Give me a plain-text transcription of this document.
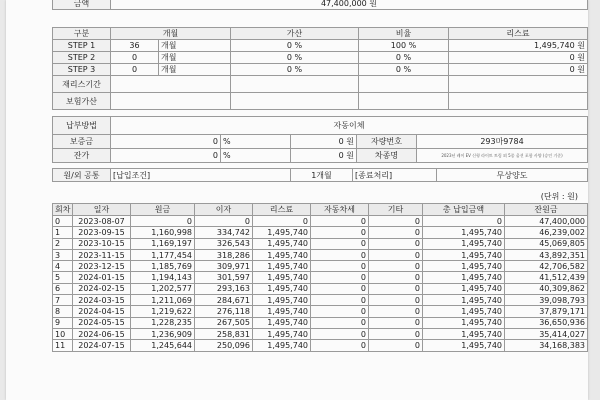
금액	47,400,000 원
구분	개월		가산	비율	리스료
STEP 1	36	개월	0 %	100 %	1,495,740 원
STEP 2	0	개월	0 %	0 %	0 원
STEP 3	0	개월	0 %	0 %	0 원
재리스기간					
보험가산					
납부방법	자동이체				
보증금	0	%	0 원	자량번호	293마9784
잔가	0	%	0 원	차종명	2023년 레이 EV 신형 라이트 트림 외 5종 옵션 포함 사양 (승인 기준)
원/외 공통	[납입조건]	1개월	[종료처리]	무상양도
(단위 : 원)
회차	일자	원금	이자	리스료	자동차세	기타	총 납입금액	잔원금
0	2023-08-07	0	0	0	0	0	0	47,400,000
1	2023-09-15	1,160,998	334,742	1,495,740	0	0	1,495,740	46,239,002
2	2023-10-15	1,169,197	326,543	1,495,740	0	0	1,495,740	45,069,805
3	2023-11-15	1,177,454	318,286	1,495,740	0	0	1,495,740	43,892,351
4	2023-12-15	1,185,769	309,971	1,495,740	0	0	1,495,740	42,706,582
5	2024-01-15	1,194,143	301,597	1,495,740	0	0	1,495,740	41,512,439
6	2024-02-15	1,202,577	293,163	1,495,740	0	0	1,495,740	40,309,862
7	2024-03-15	1,211,069	284,671	1,495,740	0	0	1,495,740	39,098,793
8	2024-04-15	1,219,622	276,118	1,495,740	0	0	1,495,740	37,879,171
9	2024-05-15	1,228,235	267,505	1,495,740	0	0	1,495,740	36,650,936
10	2024-06-15	1,236,909	258,831	1,495,740	0	0	1,495,740	35,414,027
11	2024-07-15	1,245,644	250,096	1,495,740	0	0	1,495,740	34,168,383
